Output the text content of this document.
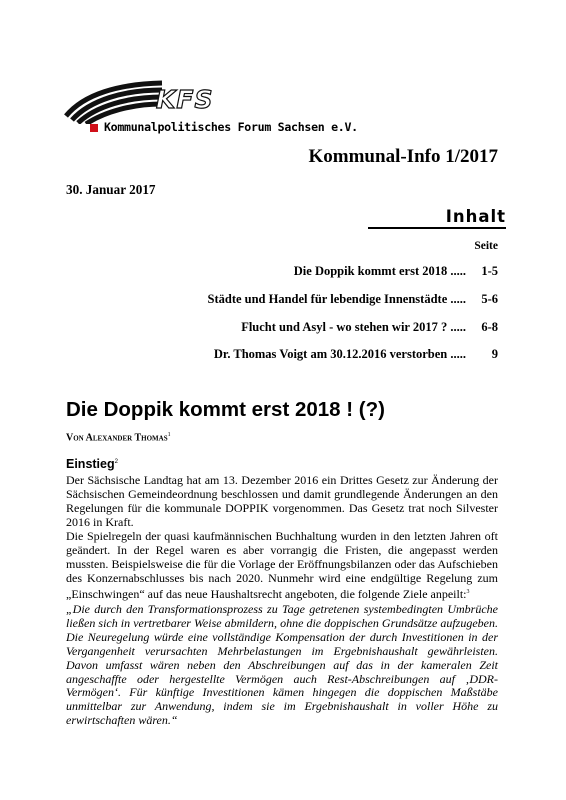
KFS
Kommunalpolitisches Forum Sachsen e.V.
Kommunal-Info 1/2017
30. Januar 2017
Inhalt
Seite
Die Doppik kommt erst 2018 .....	1-5
Städte und Handel für lebendige Innenstädte .....	5-6
Flucht und Asyl - wo stehen wir 2017 ? .....	6-8
Dr. Thomas Voigt am 30.12.2016 verstorben .....	9
Die Doppik kommt erst 2018 ! (?)
Von Alexander Thomas$^1$
Einstieg$^2$

Der Sächsische Landtag hat am 13. Dezember 2016 ein Drittes Gesetz zur Änderung der Sächsischen Gemeindeordnung beschlossen und damit grundlegende Änderungen an den Regelungen für die kommunale DOPPIK vorgenommen. Das Gesetz trat noch Silvester 2016 in Kraft.

Die Spielregeln der quasi kaufmännischen Buchhaltung wurden in den letzten Jahren oft geändert. In der Regel waren es aber vorrangig die Fristen, die angepasst werden mussten. Beispielsweise die für die Vorlage der Eröffnungsbilanzen oder das Aufschieben des Konzernabschlusses bis nach 2020. Nunmehr wird eine endgültige Regelung zum „Einschwingen“ auf das neue Haushaltsrecht angeboten, die folgende Ziele anpeilt:$^3$

„Die durch den Transformationsprozess zu Tage getretenen systembedingten Umbrüche ließen sich in vertretbarer Weise abmildern, ohne die doppischen Grundsätze aufzugeben. Die Neuregelung würde eine vollständige Kompensation der durch Investitionen in der Vergangenheit verursachten Mehrbelastungen im Ergebnishaushalt gewährleisten. Davon umfasst wären neben den Abschreibungen auf das in der kameralen Zeit angeschaffte oder hergestellte Vermögen auch Rest-Abschreibungen auf ‚DDR-Vermögen‘. Für künftige Investitionen kämen hingegen die doppischen Maßstäbe unmittelbar zur Anwendung, indem sie im Ergebnishaushalt in voller Höhe zu erwirtschaften wären.“
